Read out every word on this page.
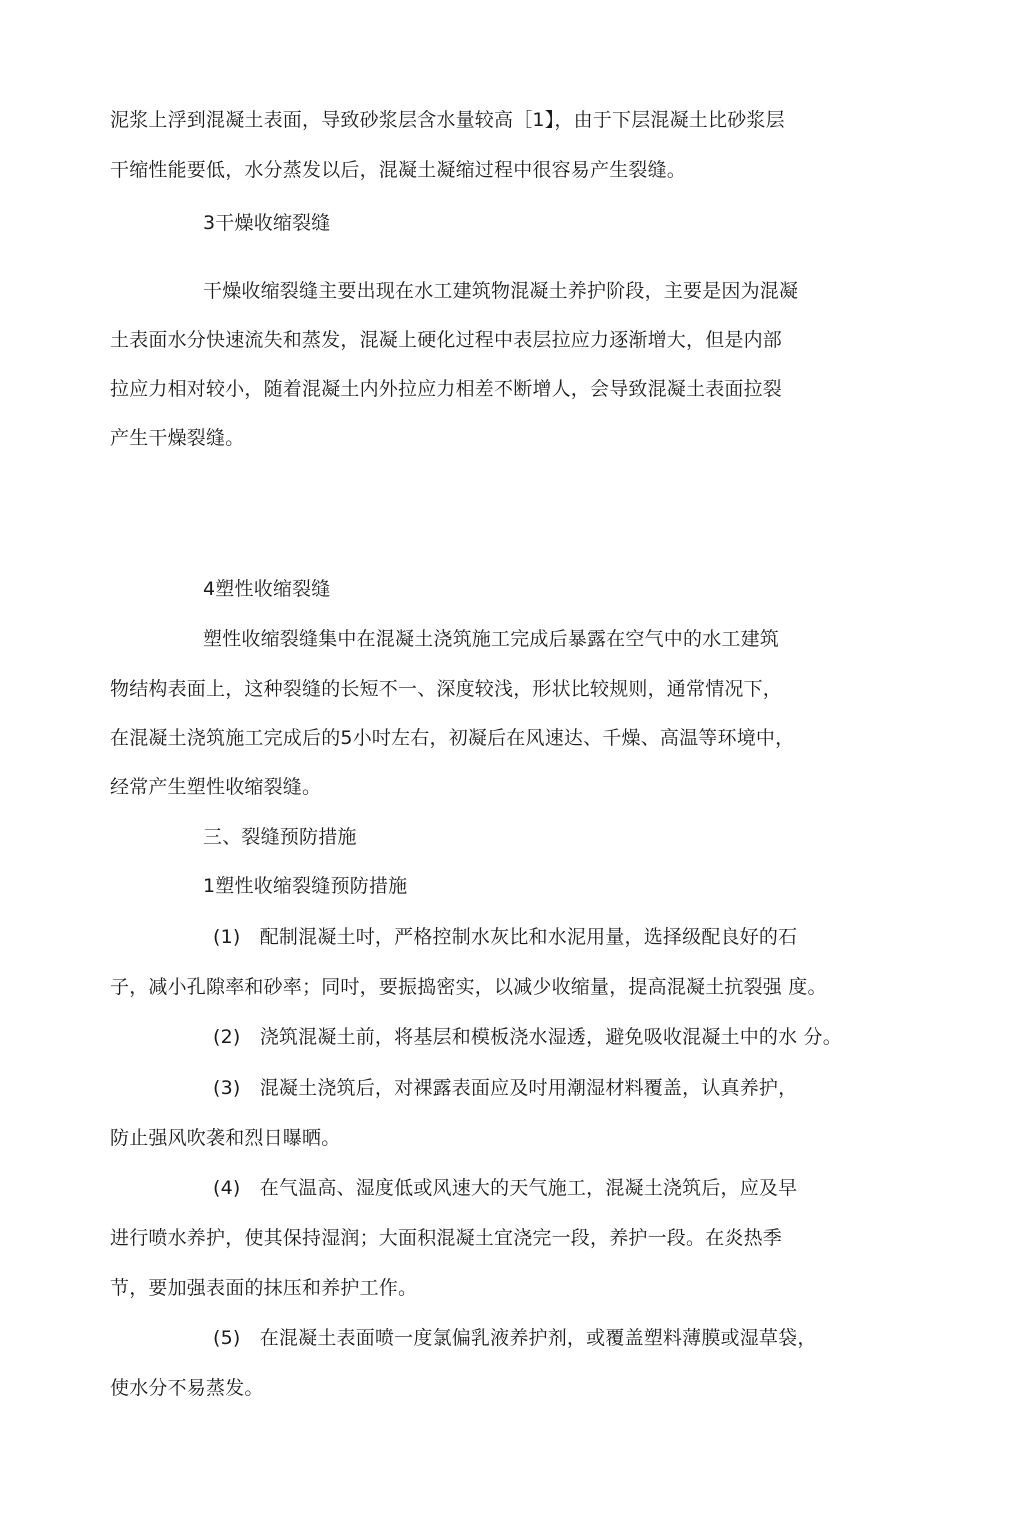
泥浆上浮到混凝土表面，导致砂浆层含水量较高［1】，由于下层混凝土比砂浆层
干缩性能要低，水分蒸发以后，混凝土凝缩过程中很容易产生裂缝。
3干燥收缩裂缝
干燥收缩裂缝主要出现在水工建筑物混凝土养护阶段，主要是因为混凝
土表面水分快速流失和蒸发，混凝上硬化过程中表层拉应力逐渐增大，但是内部
拉应力相对较小，随着混凝土内外拉应力相差不断增人，会导致混凝土表面拉裂
产生干燥裂缝。
4塑性收缩裂缝
塑性收缩裂缝集中在混凝土浇筑施工完成后暴露在空气中的水工建筑
物结构表面上，这种裂缝的长短不一、深度较浅，形状比较规则，通常情况下，
在混凝土浇筑施工完成后的5小吋左右，初凝后在风速达、千燥、高温等环境中，
经常产生塑性收缩裂缝。
三、裂缝预防措施
1塑性收缩裂缝预防措施
(1)　配制混凝土吋，严格控制水灰比和水泥用量，选择级配良好的石
子，减小孔隙率和砂率；同吋，要振捣密实，以减少收缩量，提高混凝土抗裂强 度。
(2)　浇筑混凝土前，将基层和模板浇水湿透，避免吸收混凝土中的水 分。
(3)　混凝土浇筑后，对裸露表面应及吋用潮湿材料覆盖，认真养护，
防止强风吹袭和烈日曝晒。
(4)　在气温高、湿度低或风速大的天气施工，混凝土浇筑后，应及早
进行喷水养护，使其保持湿润；大面积混凝土宜浇完一段，养护一段。在炎热季
节，要加强表面的抹压和养护工作。
(5)　在混凝土表面喷一度氯偏乳液养护剂，或覆盖塑料薄膜或湿草袋，
使水分不易蒸发。
